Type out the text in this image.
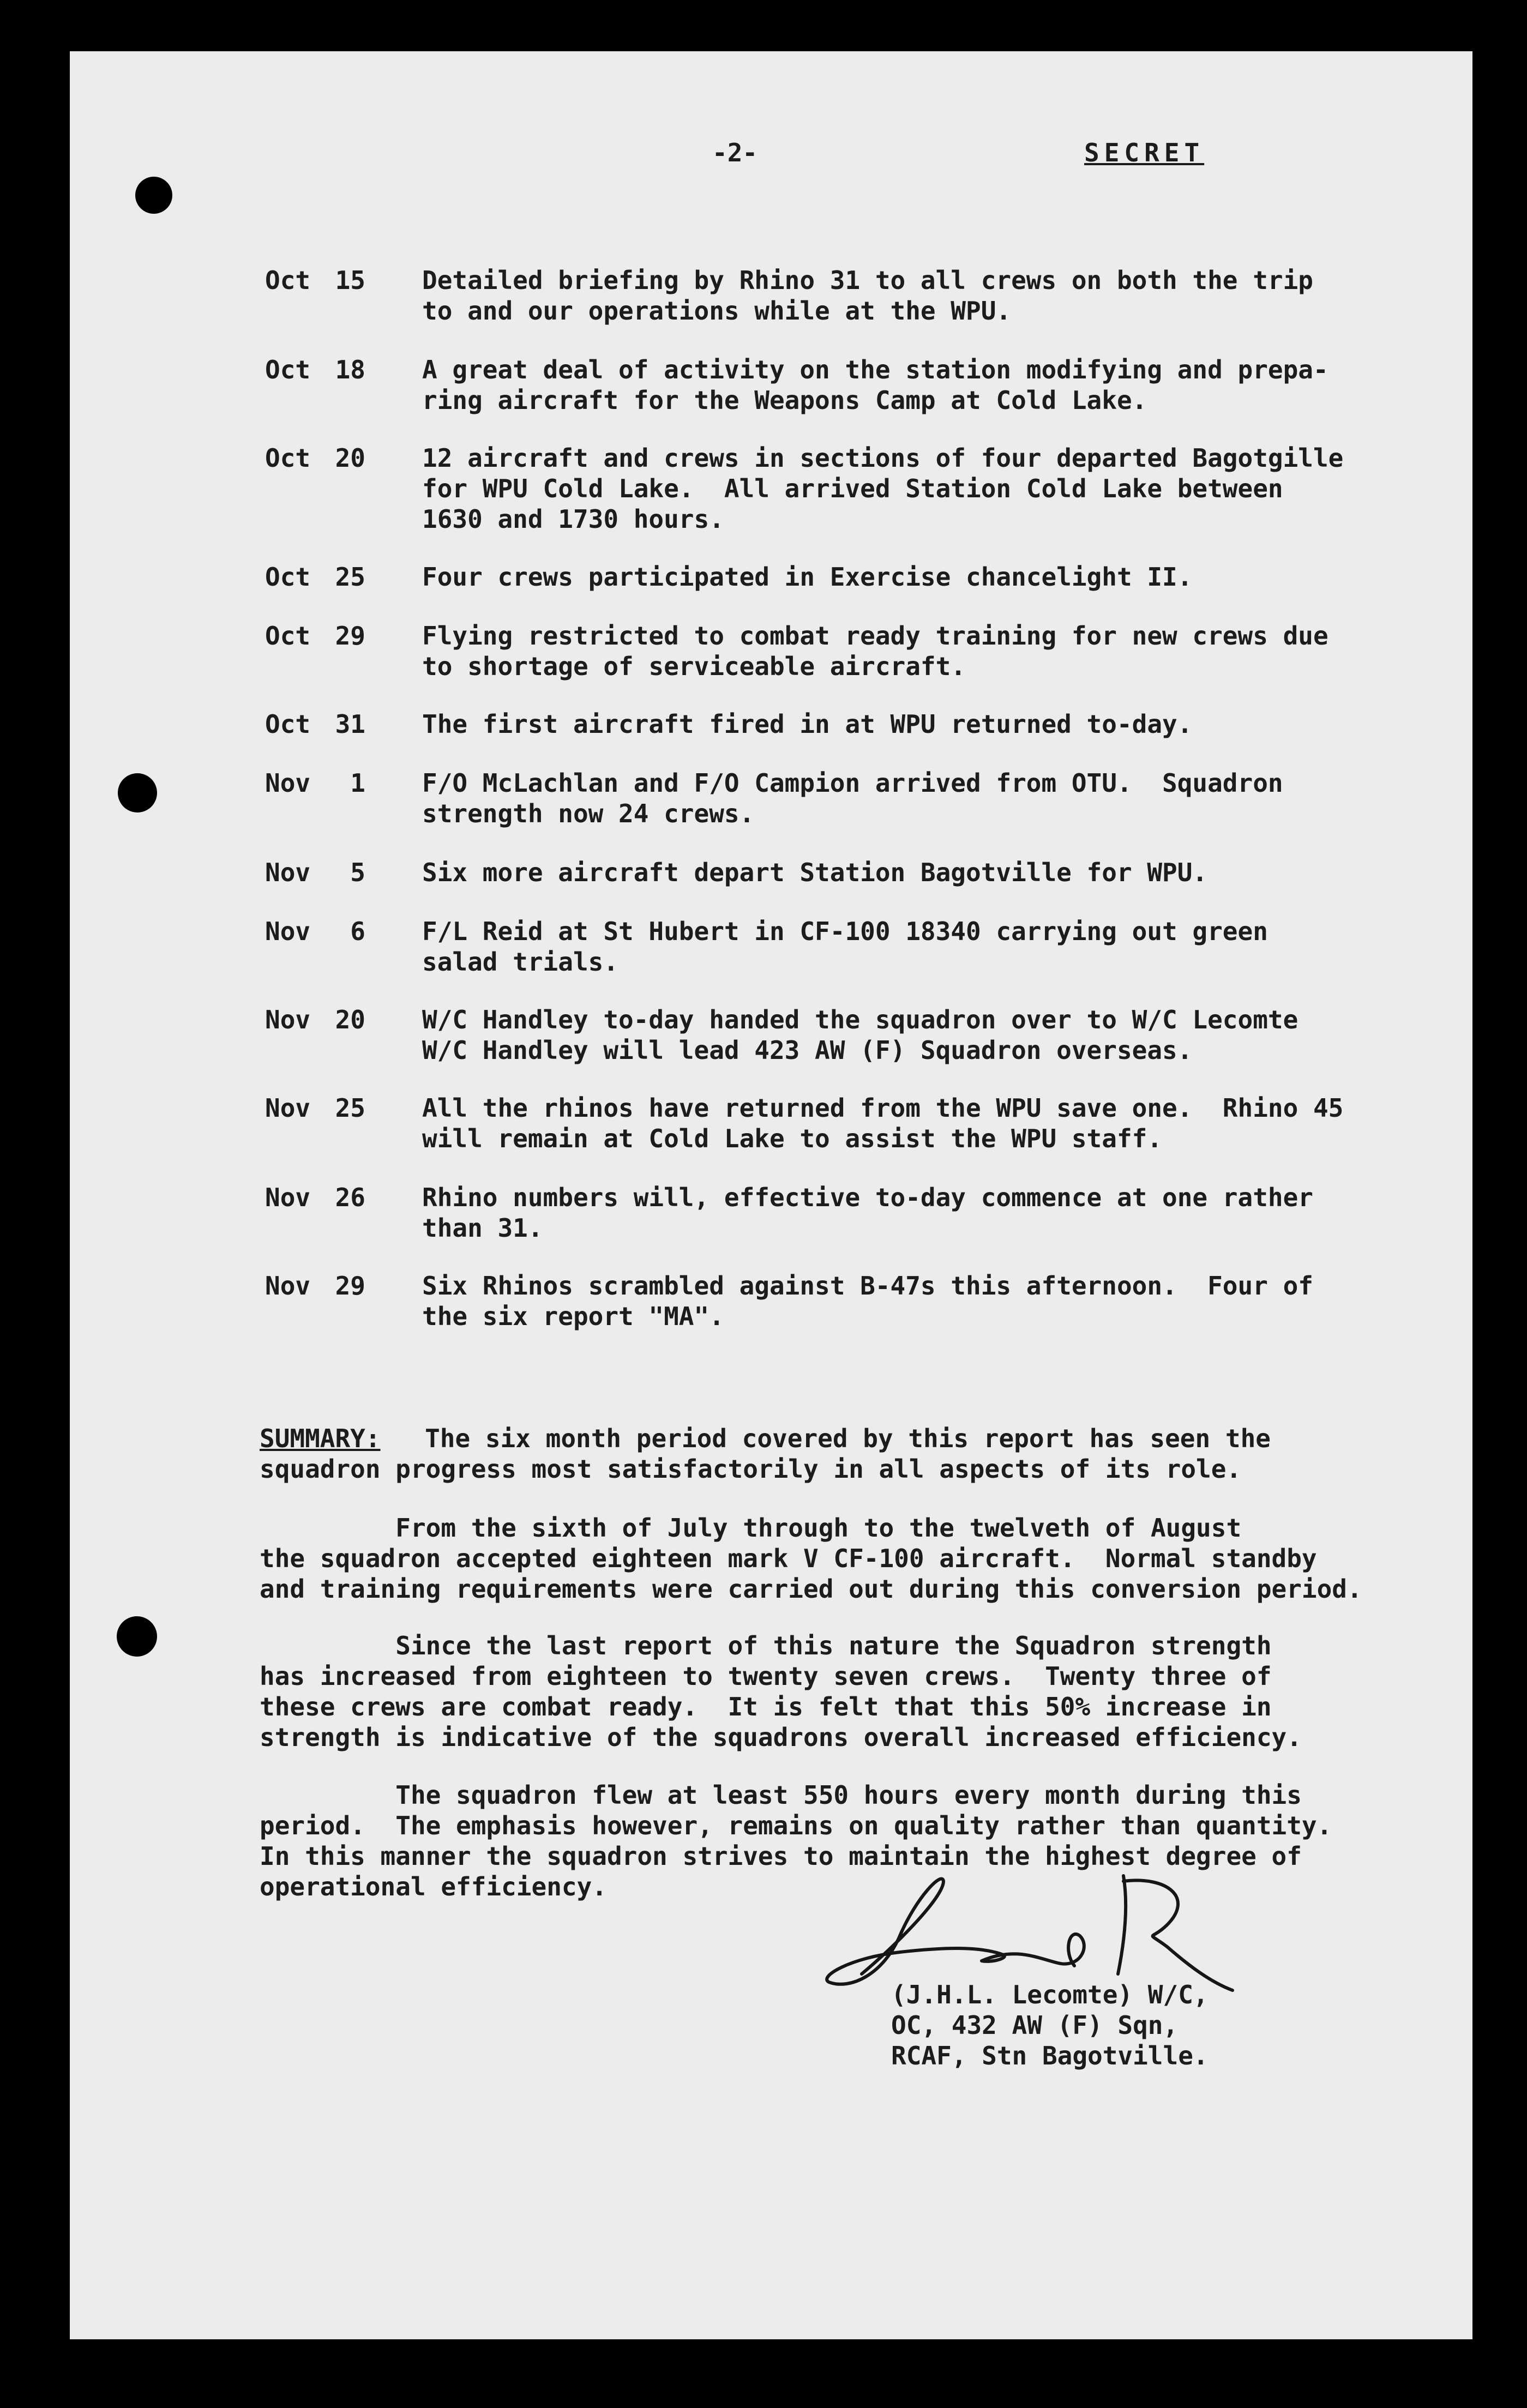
-2-	SECRET
Oct 15 Detailed briefing by Rhino 31 to all crews on both the trip
to and our operations while at the WPU.
Oct 18 A great deal of activity on the station modifying and prepa-
ring aircraft for the Weapons Camp at Cold Lake.
Oct 20 12 aircraft and crews in sections of four departed Bagotgille
for WPU Cold Lake.  All arrived Station Cold Lake between
1630 and 1730 hours.
Oct 25 Four crews participated in Exercise chancelight II.
Oct 29 Flying restricted to combat ready training for new crews due
to shortage of serviceable aircraft.
Oct 31 The first aircraft fired in at WPU returned to-day.
Nov	1 F/O McLachlan and F/O Campion arrived from OTU.  Squadron
strength now 24 crews.
Nov	5 Six more aircraft depart Station Bagotville for WPU.
Nov	6 F/L Reid at St Hubert in CF-100 18340 carrying out green
salad trials.
Nov 20 W/C Handley to-day handed the squadron over to W/C Lecomte
W/C Handley will lead 423 AW (F) Squadron overseas.
Nov 25 All the rhinos have returned from the WPU save one.  Rhino 45
will remain at Cold Lake to assist the WPU staff.
Nov 26 Rhino numbers will, effective to-day commence at one rather
than 31.
Nov 29 Six Rhinos scrambled against B-47s this afternoon.  Four of
the six report "MA".
SUMMARY:
The six month period covered by this report has seen the
squadron progress most satisfactorily in all aspects of its role.
From the sixth of July through to the twelveth of August
the squadron accepted eighteen mark V CF-100 aircraft.  Normal standby
and training requirements were carried out during this conversion period.
Since the last report of this nature the Squadron strength
has increased from eighteen to twenty seven crews.  Twenty three of
these crews are combat ready.  It is felt that this 50% increase in
strength is indicative of the squadrons overall increased efficiency.
The squadron flew at least 550 hours every month during this
period.  The emphasis however, remains on quality rather than quantity.
In this manner the squadron strives to maintain the highest degree of
operational efficiency.
(J.H.L. Lecomte) W/C,
OC, 432 AW (F) Sqn,
RCAF, Stn Bagotville.
